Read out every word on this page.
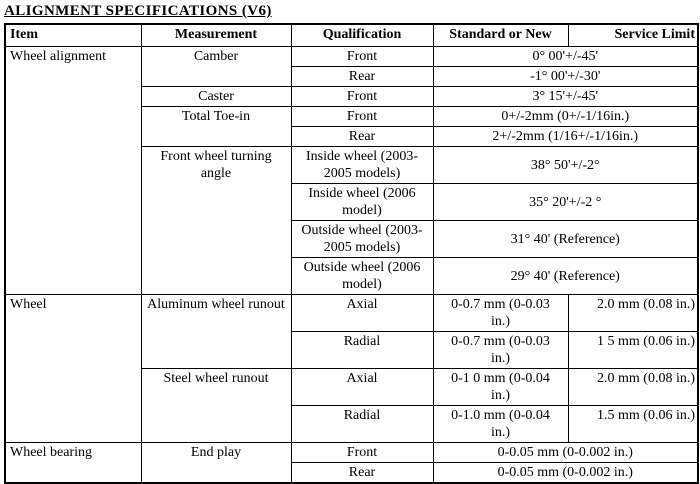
ALIGNMENT SPECIFICATIONS (V6)
Item	Measurement	Qualification	Standard or New	Service Limit
Wheel alignment	Camber	Front	0° 00'+/-45'	
		Rear	-1° 00'+/-30'	
	Caster	Front	3° 15'+/-45'	
	Total Toe-in	Front	0+/-2mm (0+/-1/16in.)	
		Rear	2+/-2mm (1/16+/-1/16in.)	
	Front wheel turning angle	Inside wheel (2003-2005 models)	38° 50'+/-2°	
		Inside wheel (2006 model)	35° 20'+/-2 °	
		Outside wheel (2003-2005 models)	31° 40' (Reference)	
		Outside wheel (2006 model)	29° 40' (Reference)	
Wheel	Aluminum wheel runout	Axial	0-0.7 mm (0-0.03 in.)	2.0 mm (0.08 in.)
		Radial	0-0.7 mm (0-0.03 in.)	1 5 mm (0.06 in.)
	Steel wheel runout	Axial	0-1 0 mm (0-0.04 in.)	2.0 mm (0.08 in.)
		Radial	0-1.0 mm (0-0.04 in.)	1.5 mm (0.06 in.)
Wheel bearing	End play	Front	0-0.05 mm (0-0.002 in.)	
		Rear	0-0.05 mm (0-0.002 in.)	
